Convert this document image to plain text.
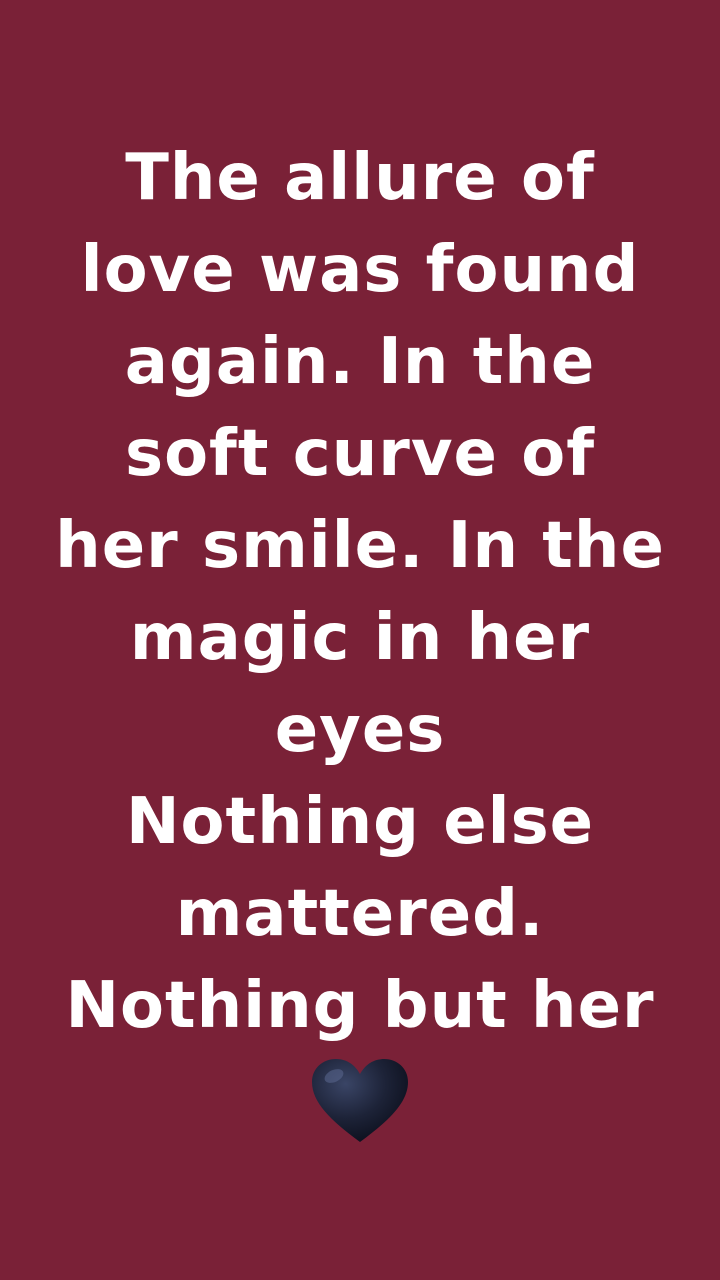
The allure of
love was found
again. In the
soft curve of
her smile. In the
magic in her
eyes
Nothing else
mattered.
Nothing but her
